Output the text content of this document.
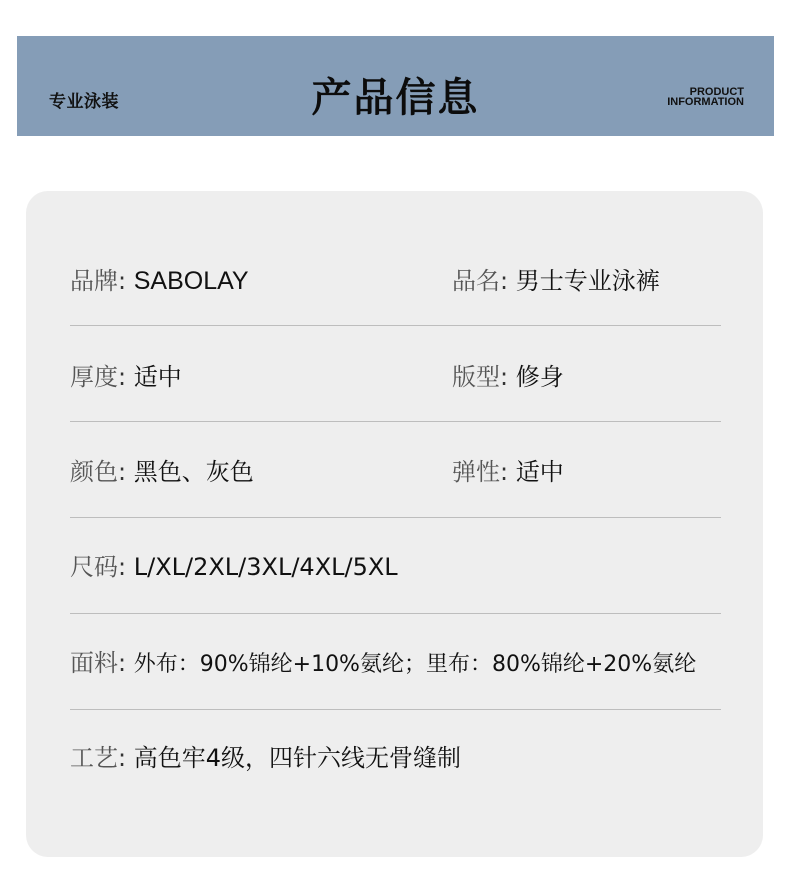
专业泳装	产品信息	PRODUCT
INFORMATION
品牌: SABOLAY	品名: 男士专业泳裤
厚度: 适中	版型: 修身
颜色: 黑色、灰色	弹性: 适中
尺码: L/XL/2XL/3XL/4XL/5XL
面料: 外布：90%锦纶+10%氨纶；里布：80%锦纶+20%氨纶
工艺: 高色牢4级，四针六线无骨缝制
